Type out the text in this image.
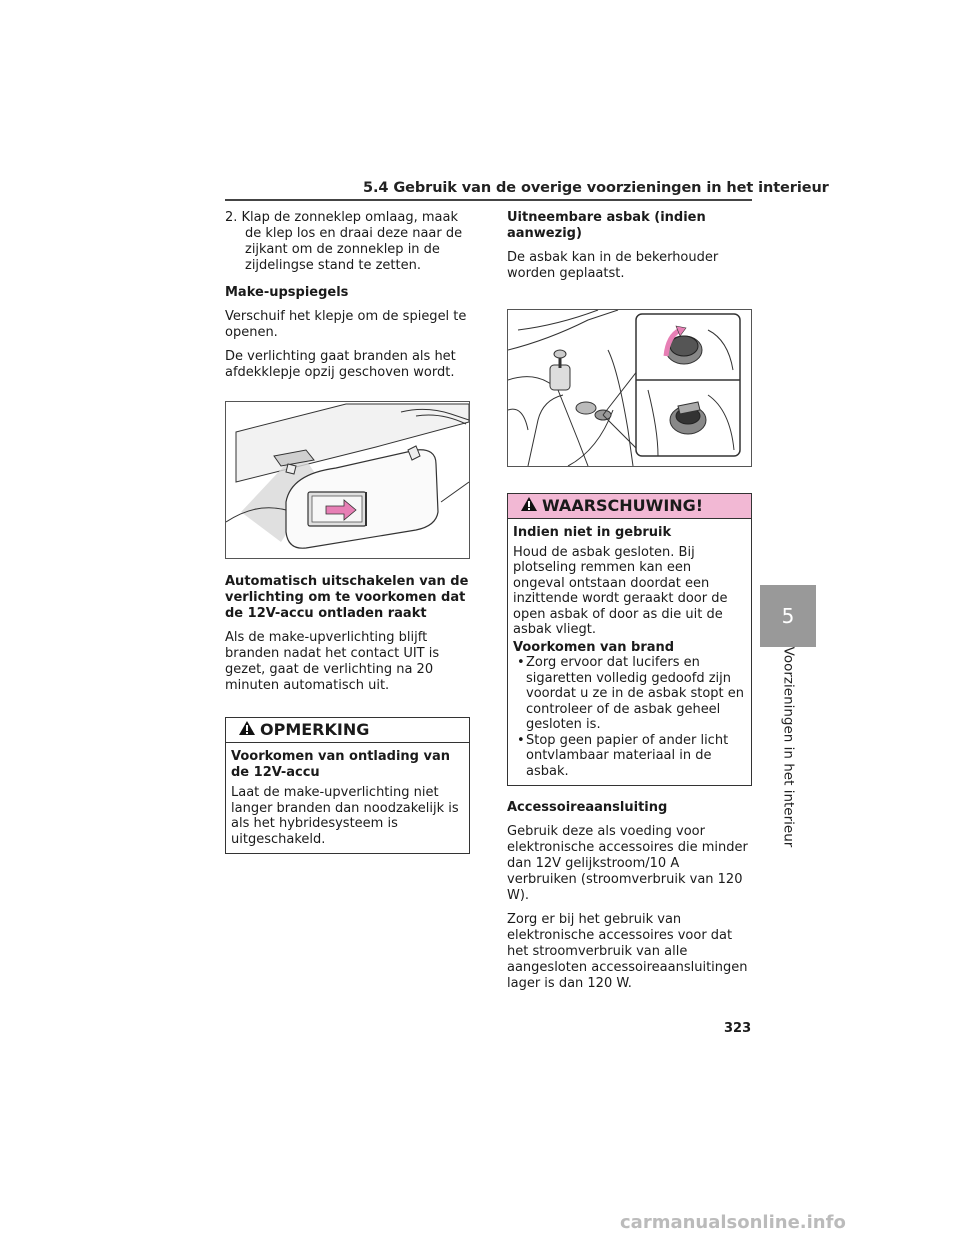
5.4 Gebruik van de overige voorzieningen in het interieur

2. Klap de zonneklep omlaag, maak de klep los en draai deze naar de zijkant om de zonneklep in de zijdelingse stand te zetten.

Make-upspiegels

Verschuif het klepje om de spiegel te openen.

De verlichting gaat branden als het afdekklepje opzij geschoven wordt.

Automatisch uitschakelen van de verlichting om te voorkomen dat de 12V-accu ontladen raakt

Als de make-upverlichting blijft branden nadat het contact UIT is gezet, gaat de verlichting na 20 minuten automatisch uit.

OPMERKING

Voorkomen van ontlading van de 12V-accu

Laat de make-upverlichting niet langer branden dan noodzakelijk is als het hybridesysteem is uitgeschakeld.

Uitneembare asbak (indien aanwezig)

De asbak kan in de bekerhouder worden geplaatst.

WAARSCHUWING!

Indien niet in gebruik

Houd de asbak gesloten. Bij plotseling remmen kan een ongeval ontstaan doordat een inzittende wordt geraakt door de open asbak of door as die uit de asbak vliegt.

Voorkomen van brand

• Zorg ervoor dat lucifers en sigaretten volledig gedoofd zijn voordat u ze in de asbak stopt en controleer of de asbak geheel gesloten is.
• Stop geen papier of ander licht ontvlambaar materiaal in de asbak.

Accessoireaansluiting

Gebruik deze als voeding voor elektronische accessoires die minder dan 12V gelijkstroom/10 A verbruiken (stroomverbruik van 120 W).

Zorg er bij het gebruik van elektronische accessoires voor dat het stroomverbruik van alle aangesloten accessoireaansluitingen lager is dan 120 W.

5
Voorzieningen in het interieur
323
carmanualsonline.info
